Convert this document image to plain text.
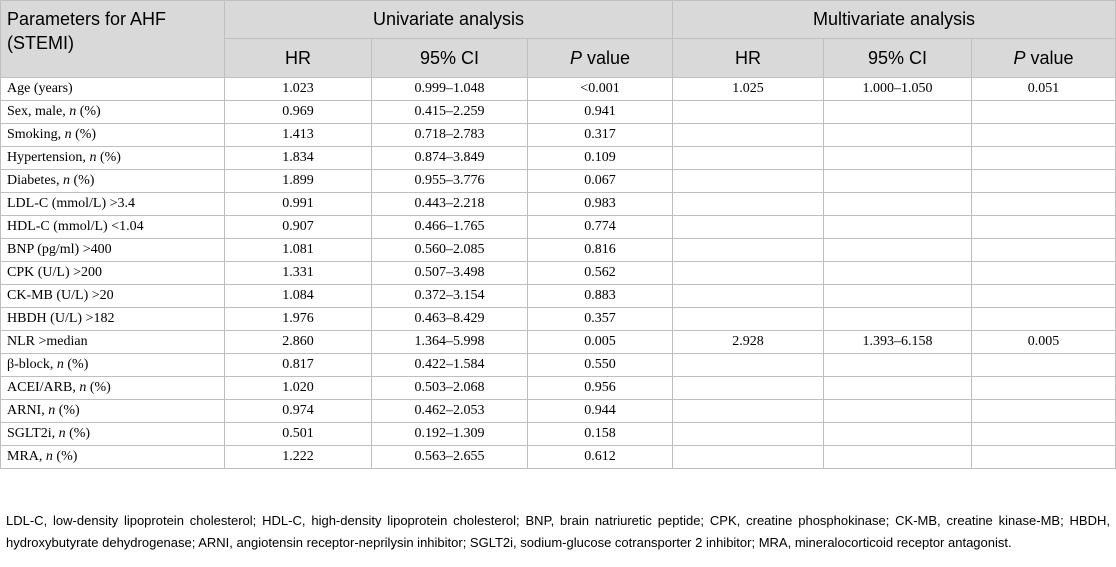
Parameters for AHF (STEMI)	Univariate analysis			Multivariate analysis		
	HR	95% CI	P value	HR	95% CI	P value
Age (years)	1.023	0.999–1.048	<0.001	1.025	1.000–1.050	0.051
Sex, male, n (%)	0.969	0.415–2.259	0.941			
Smoking, n (%)	1.413	0.718–2.783	0.317			
Hypertension, n (%)	1.834	0.874–3.849	0.109			
Diabetes, n (%)	1.899	0.955–3.776	0.067			
LDL-C (mmol/L) >3.4	0.991	0.443–2.218	0.983			
HDL-C (mmol/L) <1.04	0.907	0.466–1.765	0.774			
BNP (pg/ml) >400	1.081	0.560–2.085	0.816			
CPK (U/L) >200	1.331	0.507–3.498	0.562			
CK-MB (U/L) >20	1.084	0.372–3.154	0.883			
HBDH (U/L) >182	1.976	0.463–8.429	0.357			
NLR >median	2.860	1.364–5.998	0.005	2.928	1.393–6.158	0.005
β-block, n (%)	0.817	0.422–1.584	0.550			
ACEI/ARB, n (%)	1.020	0.503–2.068	0.956			
ARNI, n (%)	0.974	0.462–2.053	0.944			
SGLT2i, n (%)	0.501	0.192–1.309	0.158			
MRA, n (%)	1.222	0.563–2.655	0.612			

LDL-C, low-density lipoprotein cholesterol; HDL-C, high-density lipoprotein cholesterol; BNP, brain natriuretic peptide; CPK, creatine phosphokinase; CK-MB, creatine kinase-MB; HBDH, hydroxybutyrate dehydrogenase; ARNI, angiotensin receptor-neprilysin inhibitor; SGLT2i, sodium-glucose cotransporter 2 inhibitor; MRA, mineralocorticoid receptor antagonist.
